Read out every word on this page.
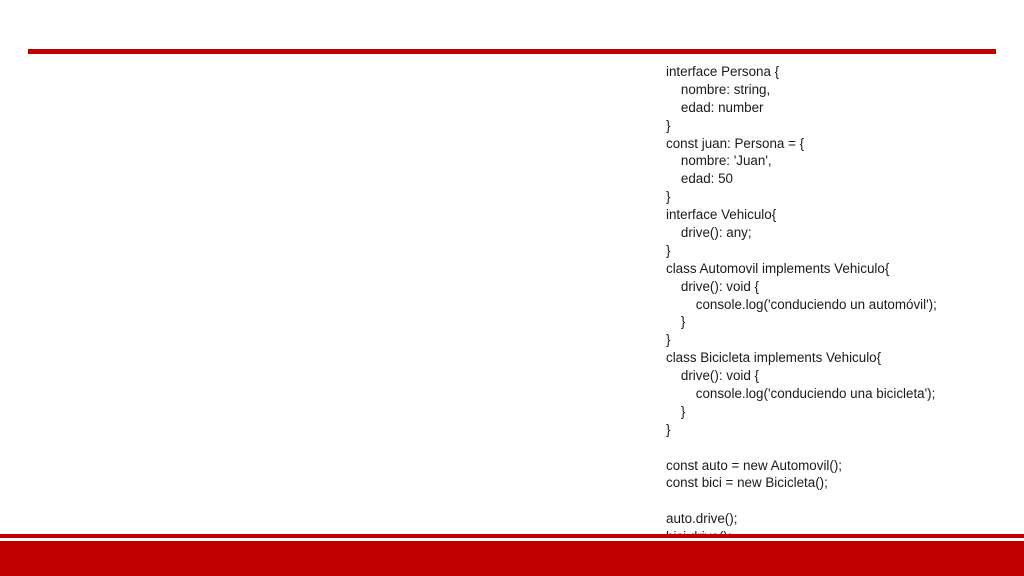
interface Persona {
nombre: string,
edad: number
}
const juan: Persona = {
nombre: 'Juan',
edad: 50
}
interface Vehiculo{
drive(): any;
}
class Automovil implements Vehiculo{
drive(): void {
console.log('conduciendo un automóvil');
}
}
class Bicicleta implements Vehiculo{
drive(): void {
console.log('conduciendo una bicicleta');
}
}
const auto = new Automovil();
const bici = new Bicicleta();
auto.drive();
